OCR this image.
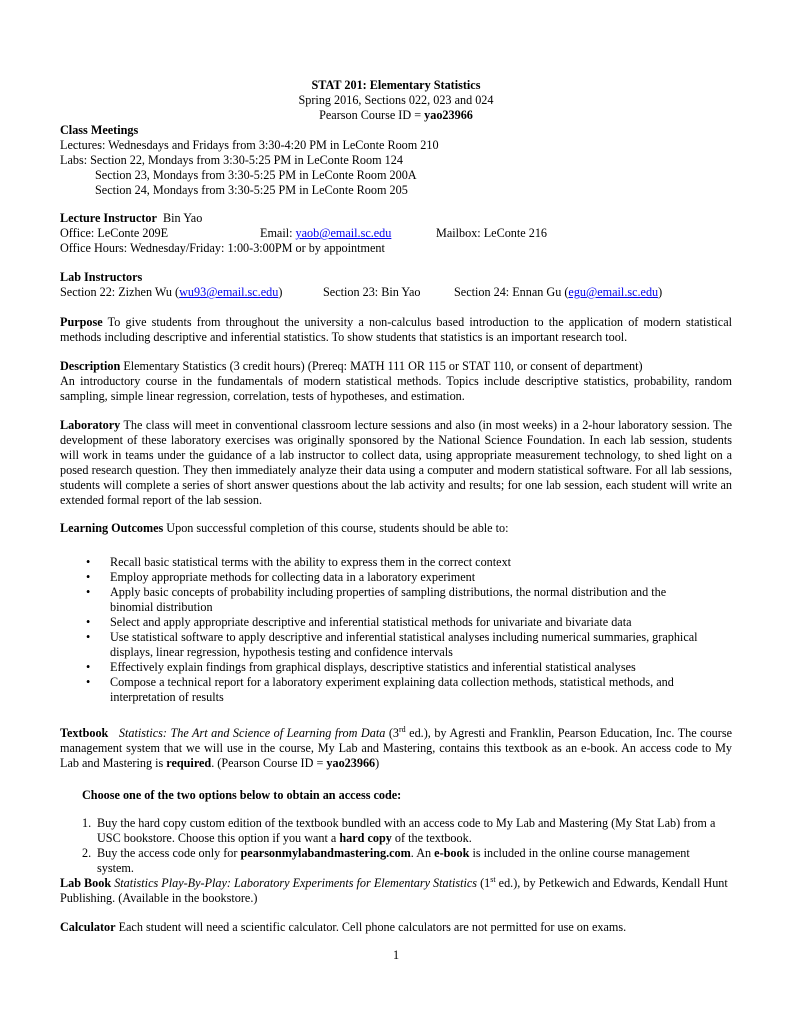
STAT 201: Elementary Statistics

Spring 2016, Sections 022, 023 and 024

Pearson Course ID = yao23966

Class Meetings

Lectures: Wednesdays and Fridays from 3:30-4:20 PM in LeConte Room 210

Labs: Section 22, Mondays from 3:30-5:25 PM in LeConte Room 124

Section 23, Mondays from 3:30-5:25 PM in LeConte Room 200A

Section 24, Mondays from 3:30-5:25 PM in LeConte Room 205

Lecture Instructor Bin Yao

Office: LeConte 209E	Email: yaob@email.sc.edu	Mailbox: LeConte 216

Office Hours: Wednesday/Friday: 1:00-3:00PM or by appointment

Lab Instructors

Section 22: Zizhen Wu (wu93@email.sc.edu)	Section 23: Bin Yao	Section 24: Ennan Gu (egu@email.sc.edu)

Purpose To give students from throughout the university a non-calculus based introduction to the application of modern statistical methods including descriptive and inferential statistics. To show students that statistics is an important research tool.

Description Elementary Statistics (3 credit hours) (Prereq: MATH 111 OR 115 or STAT 110, or consent of department)

An introductory course in the fundamentals of modern statistical methods. Topics include descriptive statistics, probability, random sampling, simple linear regression, correlation, tests of hypotheses, and estimation.

Laboratory The class will meet in conventional classroom lecture sessions and also (in most weeks) in a 2-hour laboratory session. The development of these laboratory exercises was originally sponsored by the National Science Foundation. In each lab session, students will work in teams under the guidance of a lab instructor to collect data, using appropriate measurement technology, to shed light on a posed research question. They then immediately analyze their data using a computer and modern statistical software. For all lab sessions, students will complete a series of short answer questions about the lab activity and results; for one lab session, each student will write an extended formal report of the lab session.

Learning Outcomes Upon successful completion of this course, students should be able to:

• Recall basic statistical terms with the ability to express them in the correct context
• Employ appropriate methods for collecting data in a laboratory experiment
• Apply basic concepts of probability including properties of sampling distributions, the normal distribution and the binomial distribution
• Select and apply appropriate descriptive and inferential statistical methods for univariate and bivariate data
• Use statistical software to apply descriptive and inferential statistical analyses including numerical summaries, graphical displays, linear regression, hypothesis testing and confidence intervals
• Effectively explain findings from graphical displays, descriptive statistics and inferential statistical analyses
• Compose a technical report for a laboratory experiment explaining data collection methods, statistical methods, and interpretation of results

Textbook Statistics: The Art and Science of Learning from Data (3rd ed.), by Agresti and Franklin, Pearson Education, Inc. The course management system that we will use in the course, My Lab and Mastering, contains this textbook as an e-book. An access code to My Lab and Mastering is required. (Pearson Course ID = yao23966)

Choose one of the two options below to obtain an access code:

1. Buy the hard copy custom edition of the textbook bundled with an access code to My Lab and Mastering (My Stat Lab) from a USC bookstore. Choose this option if you want a hard copy of the textbook.
2. Buy the access code only for pearsonmylabandmastering.com. An e-book is included in the online course management system.

Lab Book Statistics Play-By-Play: Laboratory Experiments for Elementary Statistics (1st ed.), by Petkewich and Edwards, Kendall Hunt Publishing. (Available in the bookstore.)

Calculator Each student will need a scientific calculator. Cell phone calculators are not permitted for use on exams.

1
